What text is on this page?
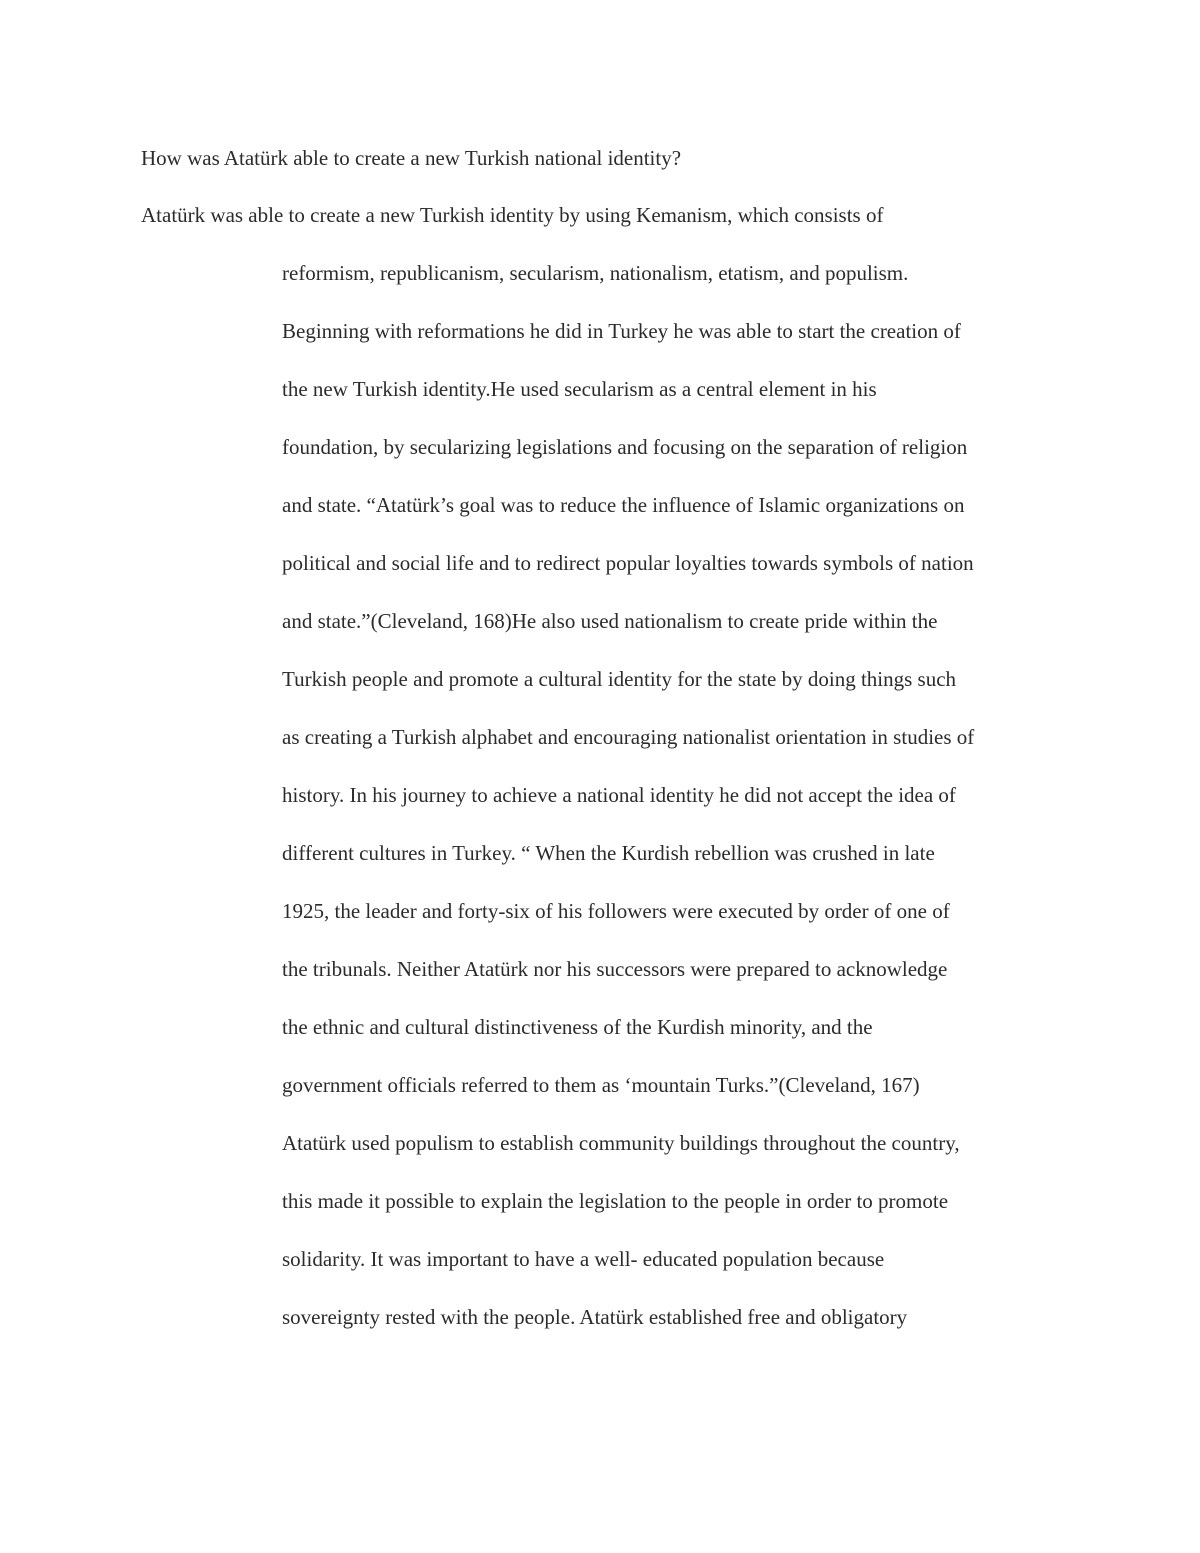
How was Atatürk able to create a new Turkish national identity?
Atatürk was able to create a new Turkish identity by using Kemanism, which consists of
reformism, republicanism, secularism, nationalism, etatism, and populism.
Beginning with reformations he did in Turkey he was able to start the creation of
the new Turkish identity.He used secularism as a central element in his
foundation, by secularizing legislations and focusing on the separation of religion
and state. “Atatürk’s goal was to reduce the influence of Islamic organizations on
political and social life and to redirect popular loyalties towards symbols of nation
and state.”(Cleveland, 168)He also used nationalism to create pride within the
Turkish people and promote a cultural identity for the state by doing things such
as creating a Turkish alphabet and encouraging nationalist orientation in studies of
history. In his journey to achieve a national identity he did not accept the idea of
different cultures in Turkey. “ When the Kurdish rebellion was crushed in late
1925, the leader and forty-six of his followers were executed by order of one of
the tribunals. Neither Atatürk nor his successors were prepared to acknowledge
the ethnic and cultural distinctiveness of the Kurdish minority, and the
government officials referred to them as ‘mountain Turks.”(Cleveland, 167)
Atatürk used populism to establish community buildings throughout the country,
this made it possible to explain the legislation to the people in order to promote
solidarity. It was important to have a well- educated population because
sovereignty rested with the people. Atatürk established free and obligatory
